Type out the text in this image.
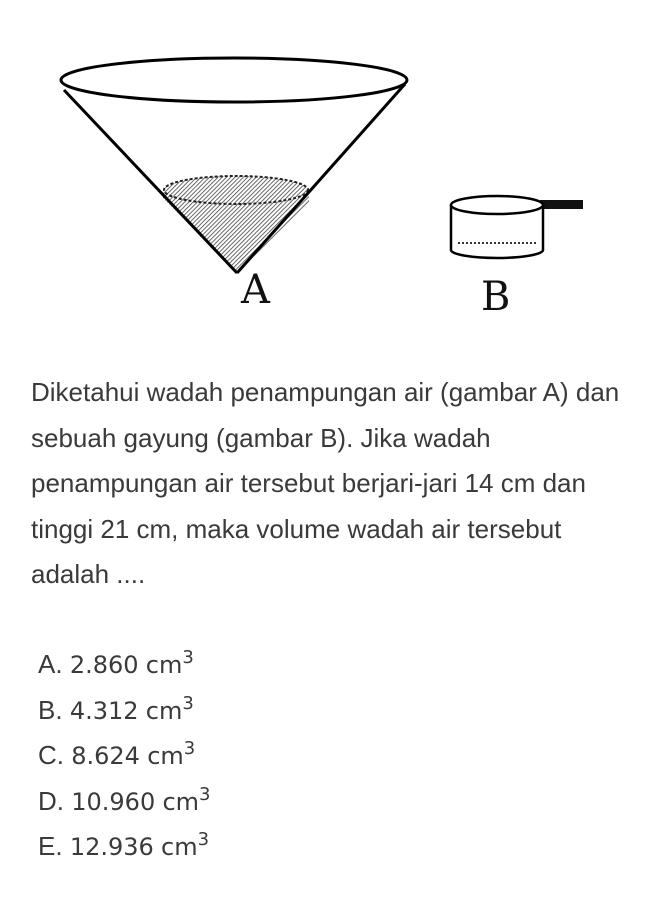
A	B
Diketahui wadah penampungan air (gambar A) dan sebuah gayung (gambar B). Jika wadah penampungan air tersebut berjari-jari 14 cm dan tinggi 21 cm, maka volume wadah air tersebut adalah ....
A. 2.860 $cm^3$
B. 4.312 $cm^3$
C. 8.624 $cm^3$
D. 10.960 $cm^3$
E. 12.936 $cm^3$
